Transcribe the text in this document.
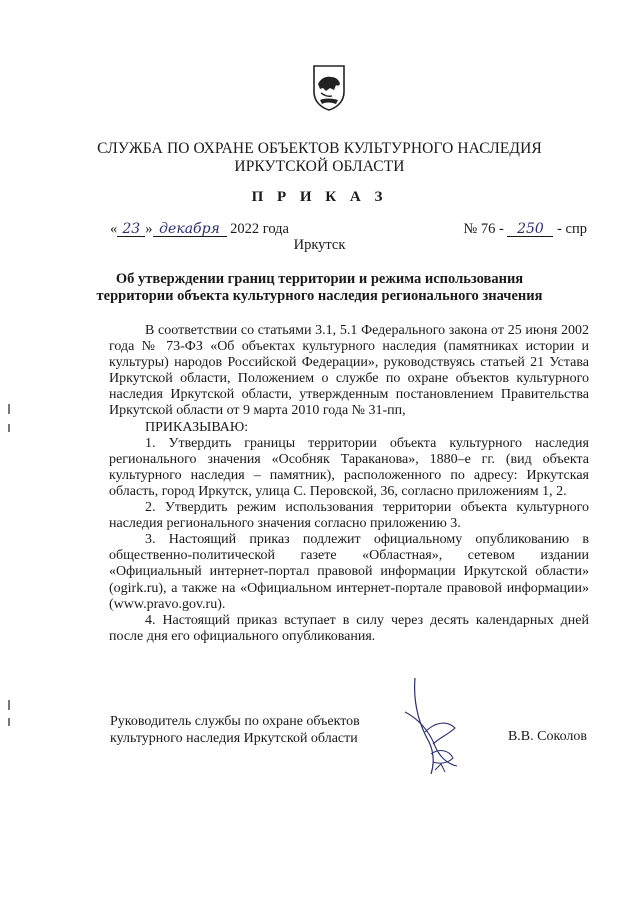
СЛУЖБА ПО ОХРАНЕ ОБЪЕКТОВ КУЛЬТУРНОГО НАСЛЕДИЯ
ИРКУТСКОЙ ОБЛАСТИ
П Р И К А З
« 23 » декабря 2022 года	№ 76 - 250 - спр
Иркутск
Об утверждении границ территории и режима использования
территории объекта культурного наследия регионального значения

В соответствии со статьями 3.1, 5.1 Федерального закона от 25 июня 2002 года № 73-ФЗ «Об объектах культурного наследия (памятниках истории и культуры) народов Российской Федерации», руководствуясь статьей 21 Устава Иркутской области, Положением о службе по охране объектов культурного наследия Иркутской области, утвержденным постановлением Правительства Иркутской области от 9 марта 2010 года № 31-пп,

ПРИКАЗЫВАЮ:

1. Утвердить границы территории объекта культурного наследия регионального значения «Особняк Тараканова», 1880–е гг. (вид объекта культурного наследия – памятник), расположенного по адресу: Иркутская область, город Иркутск, улица С. Перовской, 36, согласно приложениям 1, 2.

2. Утвердить режим использования территории объекта культурного наследия регионального значения согласно приложению 3.

3. Настоящий приказ подлежит официальному опубликованию в общественно-политической газете «Областная», сетевом издании «Официальный интернет-портал правовой информации Иркутской области» (ogirk.ru), а также на «Официальном интернет-портале правовой информации» (www.pravo.gov.ru).

4. Настоящий приказ вступает в силу через десять календарных дней после дня его официального опубликования.

Руководитель службы по охране объектов
культурного наследия Иркутской области	В.В. Соколов
